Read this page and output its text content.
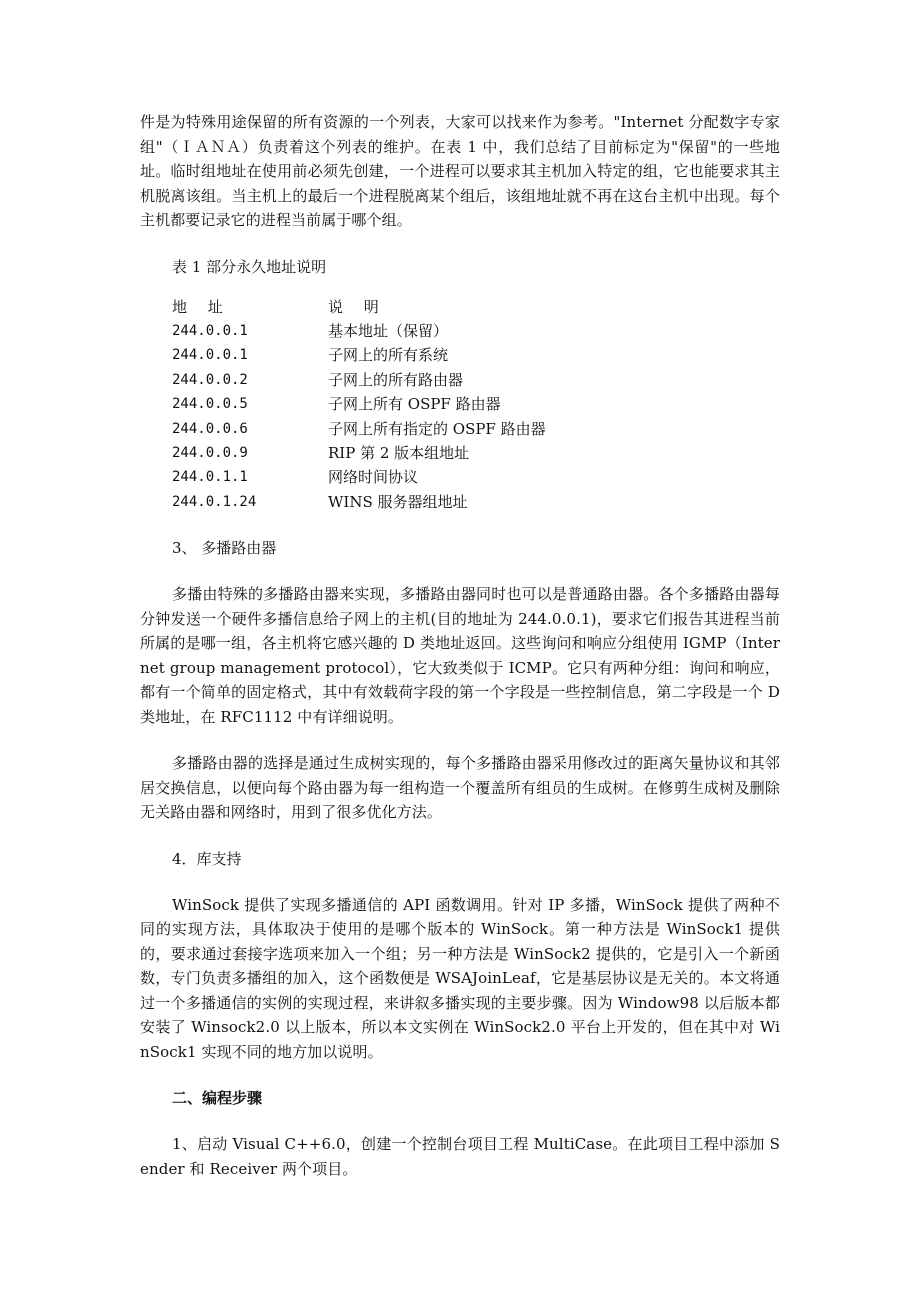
件是为特殊用途保留的所有资源的一个列表，大家可以找来作为参考。"Internet 分配数字专家组"（ＩＡＮＡ）负责着这个列表的维护。在表 1 中，我们总结了目前标定为"保留"的一些地址。临时组地址在使用前必须先创建，一个进程可以要求其主机加入特定的组，它也能要求其主机脱离该组。当主机上的最后一个进程脱离某个组后，该组地址就不再在这台主机中出现。每个主机都要记录它的进程当前属于哪个组。

表 1 部分永久地址说明

地 址	说 明
244.0.0.1	基本地址（保留）
244.0.0.1	子网上的所有系统
244.0.0.2	子网上的所有路由器
244.0.0.5	子网上所有 OSPF 路由器
244.0.0.6	子网上所有指定的 OSPF 路由器
244.0.0.9	RIP 第 2 版本组地址
244.0.1.1	网络时间协议
244.0.1.24	WINS 服务器组地址

3、 多播路由器

多播由特殊的多播路由器来实现，多播路由器同时也可以是普通路由器。各个多播路由器每分钟发送一个硬件多播信息给子网上的主机(目的地址为 244.0.0.1)，要求它们报告其进程当前所属的是哪一组，各主机将它感兴趣的 D 类地址返回。这些询问和响应分组使用 IGMP（Internet group management protocol），它大致类似于 ICMP。它只有两种分组：询问和响应，都有一个简单的固定格式，其中有效载荷字段的第一个字段是一些控制信息，第二字段是一个 D 类地址，在 RFC1112 中有详细说明。

多播路由器的选择是通过生成树实现的，每个多播路由器采用修改过的距离矢量协议和其邻居交换信息，以便向每个路由器为每一组构造一个覆盖所有组员的生成树。在修剪生成树及删除无关路由器和网络时，用到了很多优化方法。

4．库支持

WinSock 提供了实现多播通信的 API 函数调用。针对 IP 多播，WinSock 提供了两种不同的实现方法，具体取决于使用的是哪个版本的 WinSock。第一种方法是 WinSock1 提供的，要求通过套接字选项来加入一个组；另一种方法是 WinSock2 提供的，它是引入一个新函数，专门负责多播组的加入，这个函数便是 WSAJoinLeaf，它是基层协议是无关的。本文将通过一个多播通信的实例的实现过程，来讲叙多播实现的主要步骤。因为 Window98 以后版本都安装了 Winsock2.0 以上版本，所以本文实例在 WinSock2.0 平台上开发的，但在其中对 WinSock1 实现不同的地方加以说明。

二、编程步骤

1、启动 Visual C++6.0，创建一个控制台项目工程 MultiCase。在此项目工程中添加 Sender 和 Receiver 两个项目。
